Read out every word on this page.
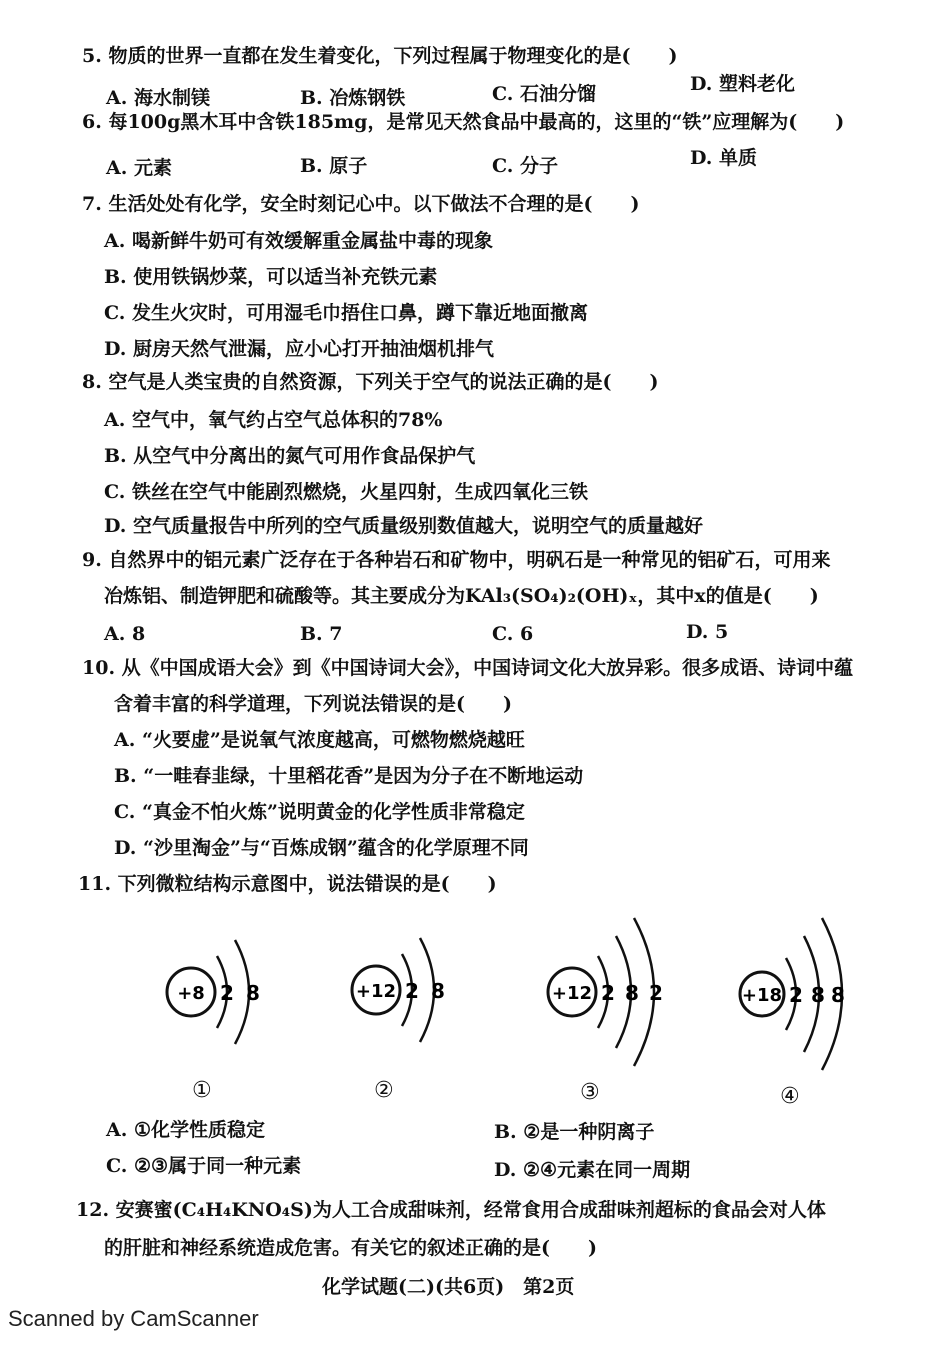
5. 物质的世界一直都在发生着变化，下列过程属于物理变化的是(　　)
A. 海水制镁	B. 冶炼钢铁	C. 石油分馏	D. 塑料老化
6. 每100g黑木耳中含铁185mg，是常见天然食品中最高的，这里的“铁”应理解为(　　)
A. 元素	B. 原子	C. 分子	D. 单质
7. 生活处处有化学，安全时刻记心中。以下做法不合理的是(　　)
A. 喝新鲜牛奶可有效缓解重金属盐中毒的现象
B. 使用铁锅炒菜，可以适当补充铁元素
C. 发生火灾时，可用湿毛巾捂住口鼻，蹲下靠近地面撤离
D. 厨房天然气泄漏，应小心打开抽油烟机排气
8. 空气是人类宝贵的自然资源，下列关于空气的说法正确的是(　　)
A. 空气中，氧气约占空气总体积的78%
B. 从空气中分离出的氮气可用作食品保护气
C. 铁丝在空气中能剧烈燃烧，火星四射，生成四氧化三铁
D. 空气质量报告中所列的空气质量级别数值越大，说明空气的质量越好
9. 自然界中的铝元素广泛存在于各种岩石和矿物中，明矾石是一种常见的铝矿石，可用来
冶炼铝、制造钾肥和硫酸等。其主要成分为KAl₃(SO₄)₂(OH)ₓ，其中x的值是(　　)
A. 8	B. 7	C. 6	D. 5
10. 从《中国成语大会》到《中国诗词大会》，中国诗词文化大放异彩。很多成语、诗词中蕴
含着丰富的科学道理，下列说法错误的是(　　)
A. “火要虚”是说氧气浓度越高，可燃物燃烧越旺
B. “一畦春韭绿，十里稻花香”是因为分子在不断地运动
C. “真金不怕火炼”说明黄金的化学性质非常稳定
D. “沙里淘金”与“百炼成钢”蕴含的化学原理不同
11. 下列微粒结构示意图中，说法错误的是(　　)
+8 2 8	+12 2 8	+12 2 8 2	+18 2 8 8
①	②	③	④
A. ①化学性质稳定	B. ②是一种阴离子
C. ②③属于同一种元素	D. ②④元素在同一周期
12. 安赛蜜(C₄H₄KNO₄S)为人工合成甜味剂，经常食用合成甜味剂超标的食品会对人体
的肝脏和神经系统造成危害。有关它的叙述正确的是(　　)
化学试题(二)(共6页)　第2页
Scanned by CamScanner
